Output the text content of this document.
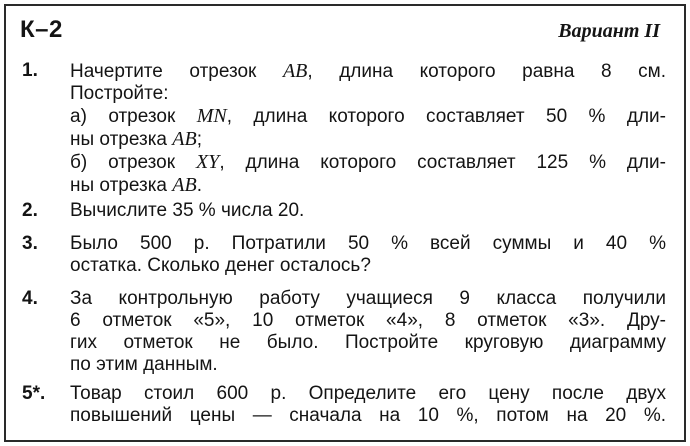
К–2	Вариант II
1.	Начертите отрезок AB, длина которого равна 8 см.
Постройте:
а) отрезок MN, длина которого составляет 50 % дли-
ны отрезка AB;
б) отрезок XY, длина которого составляет 125 % дли-
ны отрезка AB.
2.	Вычислите 35 % числа 20.
3.	Было 500 р. Потратили 50 % всей суммы и 40 %
остатка. Сколько денег осталось?
4.	За контрольную работу учащиеся 9 класса получили
6 отметок «5», 10 отметок «4», 8 отметок «3». Дру-
гих отметок не было. Постройте круговую диаграмму
по этим данным.
5*.	Товар стоил 600 р. Определите его цену после двух
повышений цены — сначала на 10 %, потом на 20 %.
